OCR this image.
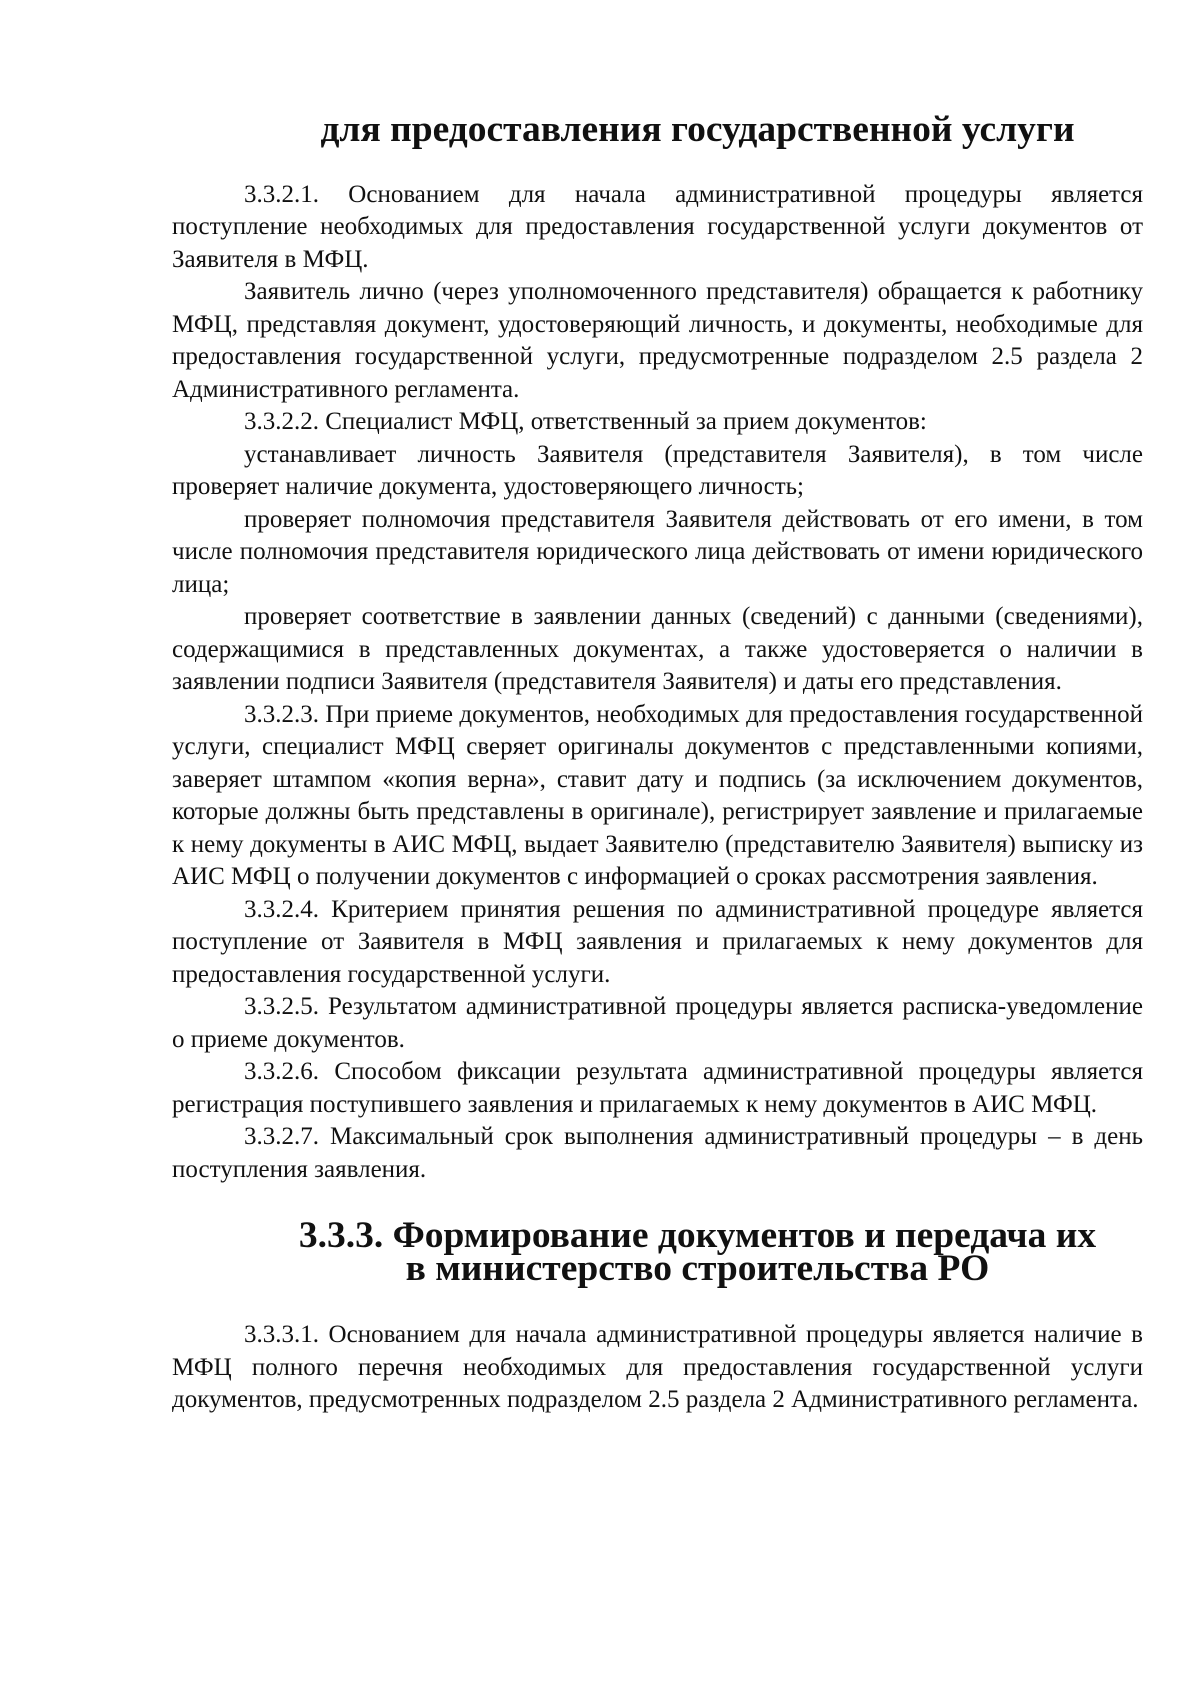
для предоставления государственной услуги

3.3.2.1. Основанием для начала административной процедуры является поступление необходимых для предоставления государственной услуги документов от Заявителя в МФЦ.

Заявитель лично (через уполномоченного представителя) обращается к работнику МФЦ, представляя документ, удостоверяющий личность, и документы, необходимые для предоставления государственной услуги, предусмотренные подразделом 2.5 раздела 2 Административного регламента.

3.3.2.2. Специалист МФЦ, ответственный за прием документов:

устанавливает личность Заявителя (представителя Заявителя), в том числе проверяет наличие документа, удостоверяющего личность;

проверяет полномочия представителя Заявителя действовать от его имени, в том числе полномочия представителя юридического лица действовать от имени юридического лица;

проверяет соответствие в заявлении данных (сведений) с данными (сведениями), содержащимися в представленных документах, а также удостоверяется о наличии в заявлении подписи Заявителя (представителя Заявителя) и даты его представления.

3.3.2.3. При приеме документов, необходимых для предоставления государственной услуги, специалист МФЦ сверяет оригиналы документов с представленными копиями, заверяет штампом «копия верна», ставит дату и подпись (за исключением документов, которые должны быть представлены в оригинале), регистрирует заявление и прилагаемые к нему документы в АИС МФЦ, выдает Заявителю (представителю Заявителя) выписку из АИС МФЦ о получении документов с информацией о сроках рассмотрения заявления.

3.3.2.4. Критерием принятия решения по административной процедуре является поступление от Заявителя в МФЦ заявления и прилагаемых к нему документов для предоставления государственной услуги.

3.3.2.5. Результатом административной процедуры является расписка-уведомление о приеме документов.

3.3.2.6. Способом фиксации результата административной процедуры является регистрация поступившего заявления и прилагаемых к нему документов в АИС МФЦ.

3.3.2.7. Максимальный срок выполнения административный процедуры – в день поступления заявления.

3.3.3. Формирование документов и передача их
в министерство строительства РО

3.3.3.1. Основанием для начала административной процедуры является наличие в МФЦ полного перечня необходимых для предоставления государственной услуги документов, предусмотренных подразделом 2.5 раздела 2 Административного регламента.
